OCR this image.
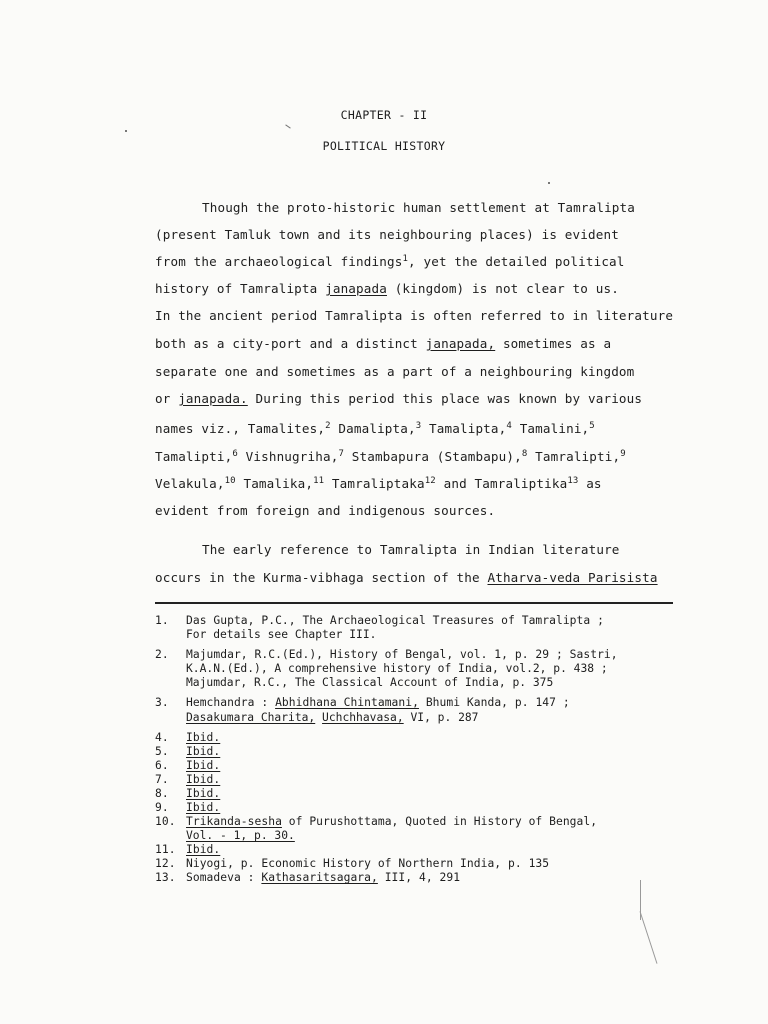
CHAPTER - II
POLITICAL HISTORY
Though the proto-historic human settlement at Tamralipta
(present Tamluk town and its neighbouring places) is evident
from the archaeological findings$^1$, yet the detailed political
history of Tamralipta janapada (kingdom) is not clear to us.
In the ancient period Tamralipta is often referred to in literature
both as a city-port and a distinct janapada, sometimes as a
separate one and sometimes as a part of a neighbouring kingdom
or janapada. During this period this place was known by various
names viz., Tamalites,$^2$ Damalipta,$^3$ Tamalipta,$^4$ Tamalini,$^5$
Tamalipti,$^6$ Vishnugriha,$^7$ Stambapura (Stambapu),$^8$ Tamralipti,$^9$
Velakula,$^{10}$ Tamalika,$^{11}$ Tamraliptaka$^{12}$ and Tamraliptika$^{13}$ as
evident from foreign and indigenous sources.
The early reference to Tamralipta in Indian literature
occurs in the Kurma-vibhaga section of the Atharva-veda Parisista
1. Das Gupta, P.C., The Archaeological Treasures of Tamralipta ;
For details see Chapter III.
2. Majumdar, R.C.(Ed.), History of Bengal, vol. 1, p. 29 ; Sastri,
K.A.N.(Ed.), A comprehensive history of India, vol.2, p. 438 ;
Majumdar, R.C., The Classical Account of India, p. 375
3. Hemchandra : Abhidhana Chintamani, Bhumi Kanda, p. 147 ;
Dasakumara Charita, Uchchhavasa, VI, p. 287
4. Ibid.
5. Ibid.
6. Ibid.
7. Ibid.
8. Ibid.
9. Ibid.
10. Trikanda-sesha of Purushottama, Quoted in History of Bengal,
Vol. - 1, p. 30.
11. Ibid.
12. Niyogi, p. Economic History of Northern India, p. 135
13. Somadeva : Kathasaritsagara, III, 4, 291
